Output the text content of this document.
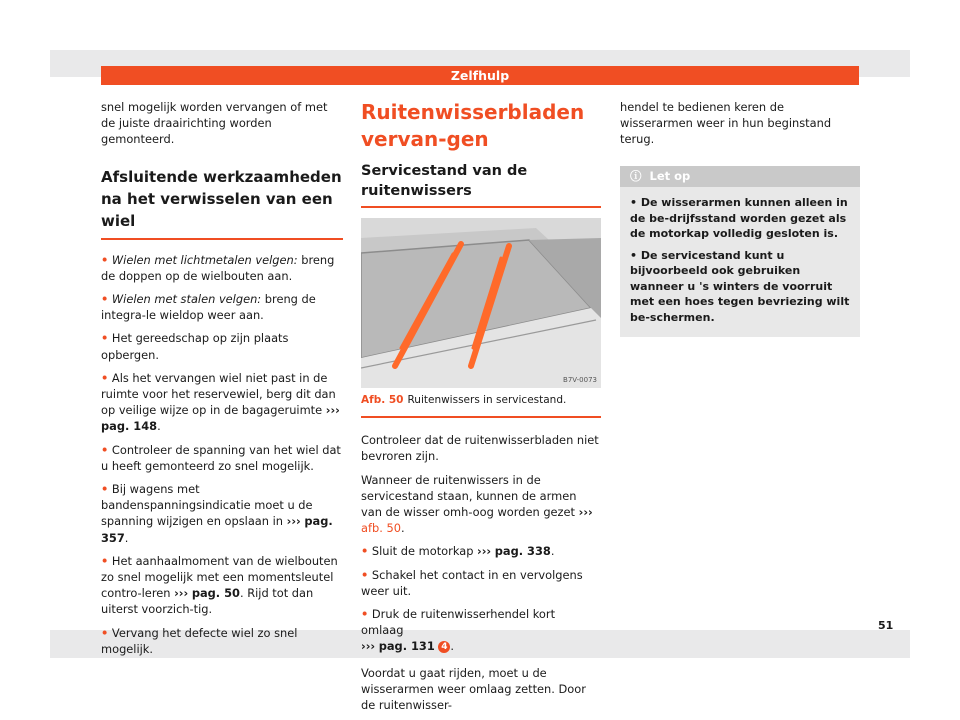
Zelfhulp

snel mogelijk worden vervangen of met de juiste draairichting worden gemonteerd.

Afsluitende werkzaamheden na het verwisselen van een wiel

• Wielen met lichtmetalen velgen: breng de doppen op de wielbouten aan.

• Wielen met stalen velgen: breng de integra-le wieldop weer aan.

• Het gereedschap op zijn plaats opbergen.

• Als het vervangen wiel niet past in de ruimte voor het reservewiel, berg dit dan op veilige wijze op in de bagageruimte ››› pag. 148.

• Controleer de spanning van het wiel dat u heeft gemonteerd zo snel mogelijk.

• Bij wagens met bandenspanningsindicatie moet u de spanning wijzigen en opslaan in ››› pag. 357.

• Het aanhaalmoment van de wielbouten zo snel mogelijk met een momentsleutel contro-leren ››› pag. 50. Rijd tot dan uiterst voorzich-tig.

• Vervang het defecte wiel zo snel mogelijk.

Ruitenwisserbladen vervan-gen
Servicestand van de ruitenwissers
B7V-0073
Afb. 50 Ruitenwissers in servicestand.

Controleer dat de ruitenwisserbladen niet bevroren zijn.

Wanneer de ruitenwissers in de servicestand staan, kunnen de armen van de wisser omh-oog worden gezet ››› afb. 50.

• Sluit de motorkap ››› pag. 338.

• Schakel het contact in en vervolgens weer uit.

• Druk de ruitenwisserhendel kort omlaag
››› pag. 131 4 .

Voordat u gaat rijden, moet u de wisserarmen weer omlaag zetten. Door de ruitenwisser-

hendel te bedienen keren de wisserarmen weer in hun beginstand terug.

ⓘ Let op

• De wisserarmen kunnen alleen in de be-drijfsstand worden gezet als de motorkap volledig gesloten is.

• De servicestand kunt u bijvoorbeeld ook gebruiken wanneer u 's winters de voorruit met een hoes tegen bevriezing wilt be-schermen.

51
